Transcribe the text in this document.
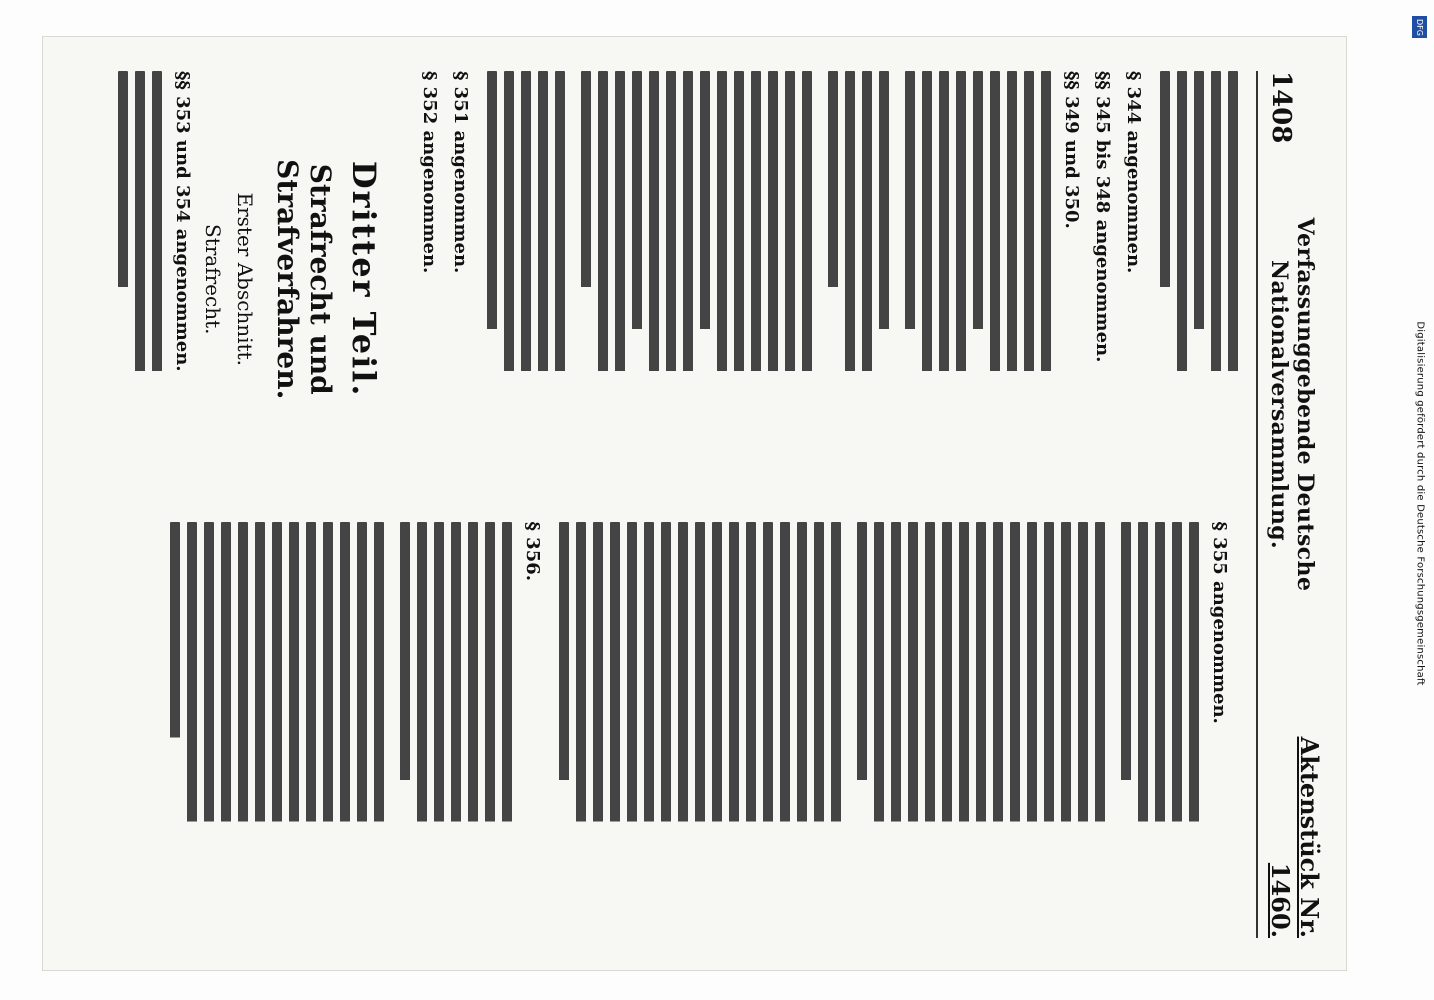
1408
Verfassunggebende Deutsche Nationalversammlung.
Aktenstück Nr. 1460.
§ 344 angenommen.
§§ 345 bis 348 angenommen.
§§ 349 und 350.
§ 351 angenommen.
§ 352 angenommen.
Dritter Teil.
Strafrecht und Strafverfahren.
Erster Abschnitt.
Strafrecht.
§§ 353 und 354 angenommen.
§ 355 angenommen.
§ 356.
DFG
Digitalisierung gefördert durch die Deutsche Forschungsgemeinschaft
